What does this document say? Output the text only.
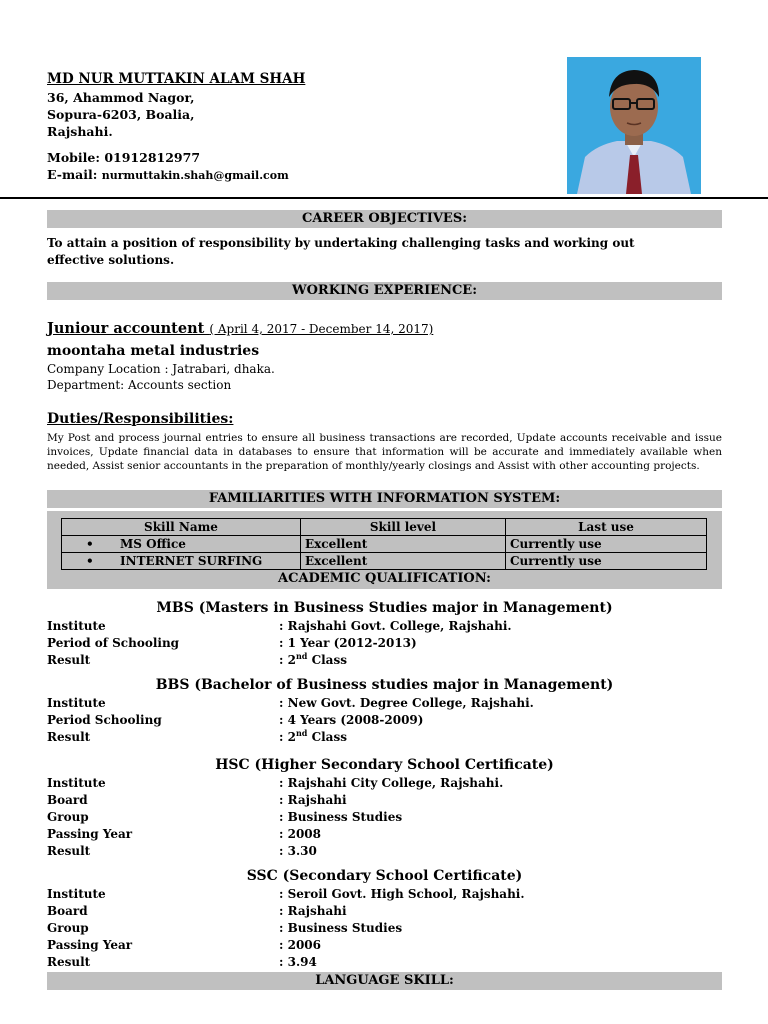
MD NUR MUTTAKIN ALAM SHAH
36, Ahammod Nagor,
Sopura-6203, Boalia,
Rajshahi.
Mobile: 01912812977
E-mail: nurmuttakin.shah@gmail.com
CAREER OBJECTIVES:
To attain a position of responsibility by undertaking challenging tasks and working out effective solutions.
WORKING EXPERIENCE:
Juniour accountent ( April 4, 2017 - December 14, 2017)
moontaha metal industries
Company Location : Jatrabari, dhaka.
Department: Accounts section
Duties/Responsibilities:
My Post and process journal entries to ensure all business transactions are recorded, Update accounts receivable and issue invoices, Update financial data in databases to ensure that information will be accurate and immediately available when needed, Assist senior accountants in the preparation of monthly/yearly closings and Assist with other accounting projects.
FAMILIARITIES WITH INFORMATION SYSTEM:
Skill Name	Skill level	Last use
• MS Office	Excellent	Currently use
• INTERNET SURFING	Excellent	Currently use
ACADEMIC QUALIFICATION:
MBS (Masters in Business Studies major in Management)
Institute	: Rajshahi Govt. College, Rajshahi.
Period of Schooling	: 1 Year (2012-2013)
Result	: 2nd Class
BBS (Bachelor of Business studies major in Management)
Institute	: New Govt. Degree College, Rajshahi.
Period Schooling	: 4 Years (2008-2009)
Result	: 2nd Class
HSC (Higher Secondary School Certificate)
Institute	: Rajshahi City College, Rajshahi.
Board	: Rajshahi
Group	: Business Studies
Passing Year	: 2008
Result	: 3.30
SSC (Secondary School Certificate)
Institute	: Seroil Govt. High School, Rajshahi.
Board	: Rajshahi
Group	: Business Studies
Passing Year	: 2006
Result	: 3.94
LANGUAGE SKILL:
